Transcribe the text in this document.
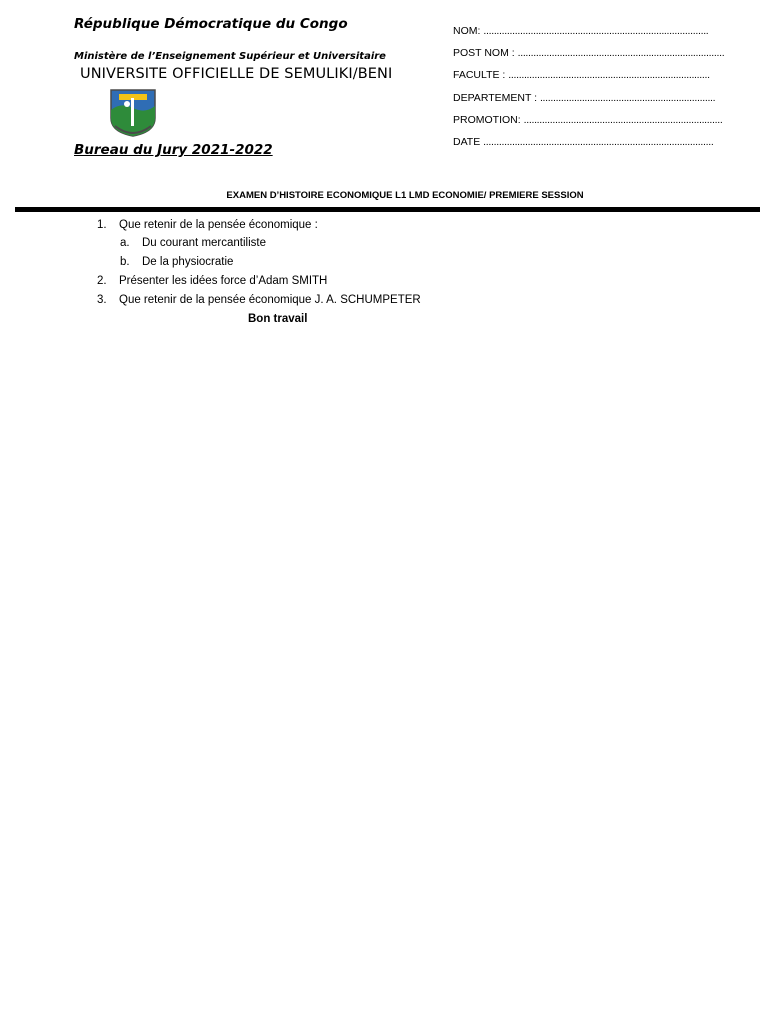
République Démocratique du Congo
Ministère de l’Enseignement Supérieur et Universitaire
UNIVERSITE OFFICIELLE DE SEMULIKI/BENI
Bureau du Jury 2021-2022
NOM: ......................................................................................
POST NOM : ...............................................................................
FACULTE : .............................................................................
DEPARTEMENT : ...................................................................
PROMOTION: ............................................................................
DATE ........................................................................................
EXAMEN D’HISTOIRE ECONOMIQUE L1 LMD ECONOMIE/ PREMIERE SESSION
1. Que retenir de la pensée économique :
a. Du courant mercantiliste
b. De la physiocratie
2. Présenter les idées force d’Adam SMITH
3. Que retenir de la pensée économique J. A. SCHUMPETER
Bon travail
